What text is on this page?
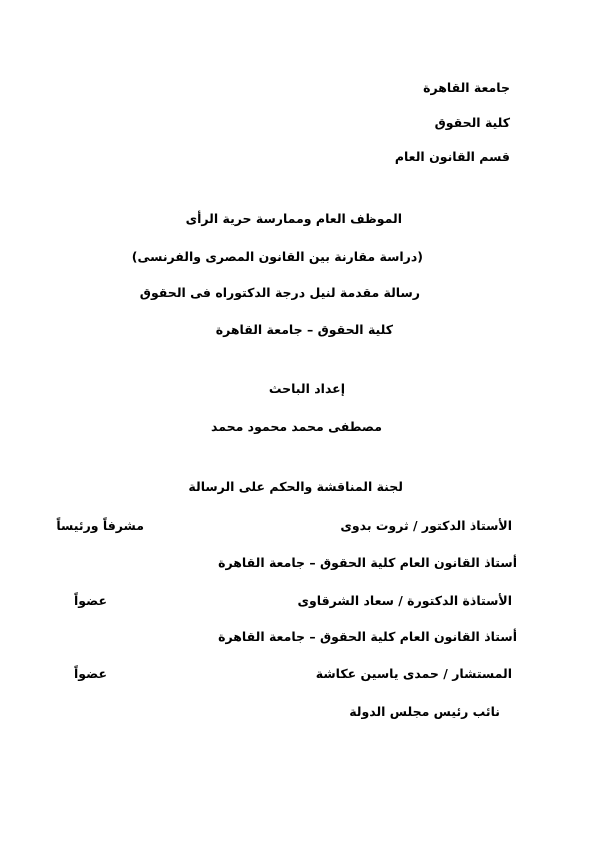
جامعة القاهرة
كلية الحقوق
قسم القانون العام
الموظف العام وممارسة حرية الرأى
(دراسة مقارنة بين القانون المصرى والفرنسى)
رسالة مقدمة لنيل درجة الدكتوراه فى الحقوق
كلية الحقوق – جامعة القاهرة
إعداد الباحث
مصطفى محمد محمود محمد
لجنة المناقشة والحكم على الرسالة
الأستاذ الدكتور / ثروت بدوى
مشرفاً ورئيساً
أستاذ القانون العام كلية الحقوق – جامعة القاهرة
الأستاذة الدكتورة / سعاد الشرقاوى
عضواً
أستاذ القانون العام كلية الحقوق – جامعة القاهرة
المستشار / حمدى ياسين عكاشة
عضواً
نائب رئيس مجلس الدولة
